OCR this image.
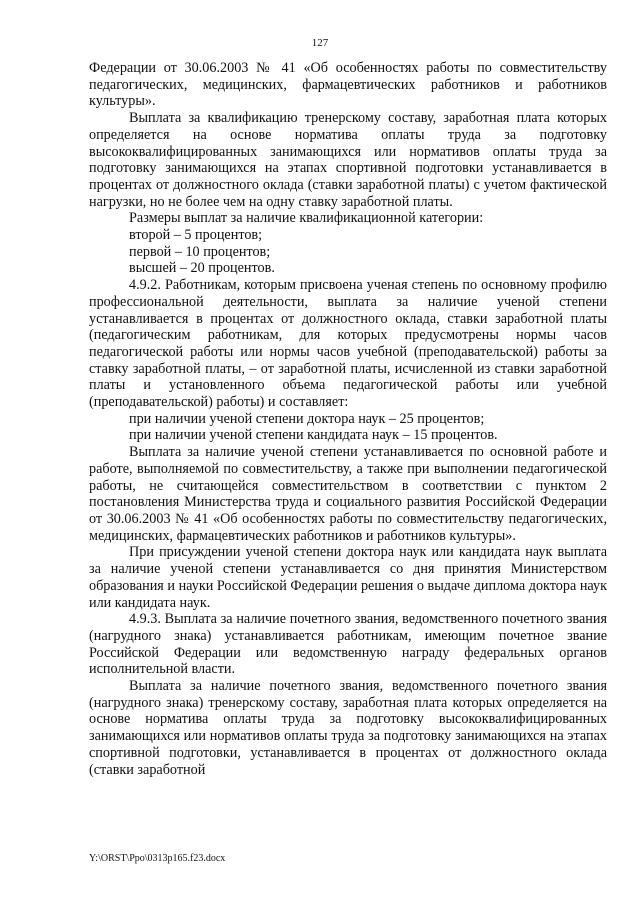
127

Федерации от 30.06.2003 № 41 «Об особенностях работы по совместительству педагогических, медицинских, фармацевтических работников и работников культуры».

Выплата за квалификацию тренерскому составу, заработная плата которых определяется на основе норматива оплаты труда за подготовку высококвалифицированных занимающихся или нормативов оплаты труда за подготовку занимающихся на этапах спортивной подготовки устанавливается в процентах от должностного оклада (ставки заработной платы) с учетом фактической нагрузки, но не более чем на одну ставку заработной платы.

Размеры выплат за наличие квалификационной категории:

второй – 5 процентов;

первой – 10 процентов;

высшей – 20 процентов.

4.9.2. Работникам, которым присвоена ученая степень по основному профилю профессиональной деятельности, выплата за наличие ученой степени устанавливается в процентах от должностного оклада, ставки заработной платы (педагогическим работникам, для которых предусмотрены нормы часов педагогической работы или нормы часов учебной (преподавательской) работы за ставку заработной платы, – от заработной платы, исчисленной из ставки заработной платы и установленного объема педагогической работы или учебной (преподавательской) работы) и составляет:

при наличии ученой степени доктора наук – 25 процентов;

при наличии ученой степени кандидата наук – 15 процентов.

Выплата за наличие ученой степени устанавливается по основной работе и работе, выполняемой по совместительству, а также при выполнении педагогической работы, не считающейся совместительством в соответствии с пунктом 2 постановления Министерства труда и социального развития Российской Федерации от 30.06.2003 № 41 «Об особенностях работы по совместительству педагогических, медицинских, фармацевтических работников и работников культуры».

При присуждении ученой степени доктора наук или кандидата наук выплата за наличие ученой степени устанавливается со дня принятия Министерством образования и науки Российской Федерации решения о выдаче диплома доктора наук или кандидата наук.

4.9.3. Выплата за наличие почетного звания, ведомственного почетного звания (нагрудного знака) устанавливается работникам, имеющим почетное звание Российской Федерации или ведомственную награду федеральных органов исполнительной власти.

Выплата за наличие почетного звания, ведомственного почетного звания (нагрудного знака) тренерскому составу, заработная плата которых определяется на основе норматива оплаты труда за подготовку высококвалифицированных занимающихся или нормативов оплаты труда за подготовку занимающихся на этапах спортивной подготовки, устанавливается в процентах от должностного оклада (ставки заработной

Y:\ORST\Ppo\0313p165.f23.docx
